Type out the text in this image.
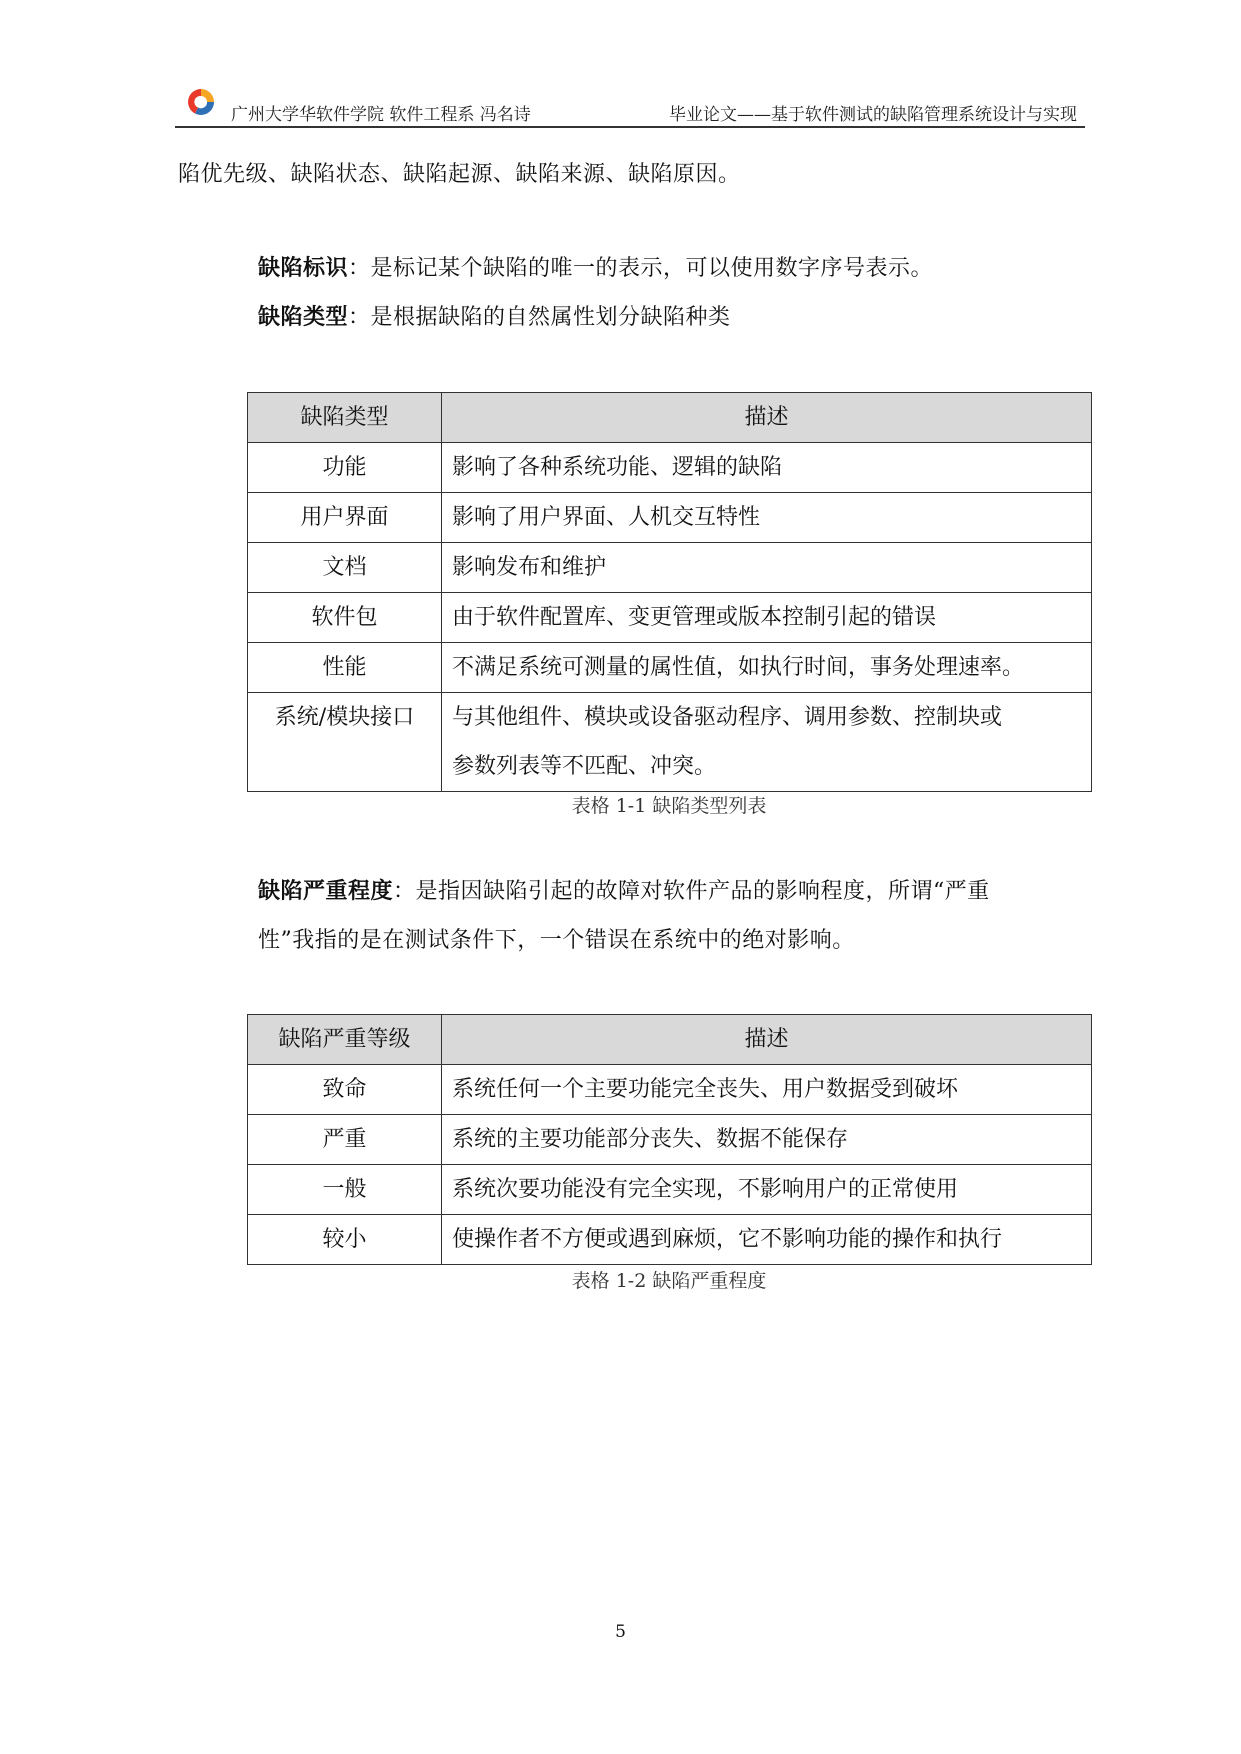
广州大学华软件学院 软件工程系 冯名诗	毕业论文——基于软件测试的缺陷管理系统设计与实现
陷优先级、缺陷状态、缺陷起源、缺陷来源、缺陷原因。
缺陷标识：是标记某个缺陷的唯一的表示，可以使用数字序号表示。
缺陷类型：是根据缺陷的自然属性划分缺陷种类
缺陷类型	描述
功能	影响了各种系统功能、逻辑的缺陷
用户界面	影响了用户界面、人机交互特性
文档	影响发布和维护
软件包	由于软件配置库、变更管理或版本控制引起的错误
性能	不满足系统可测量的属性值，如执行时间，事务处理速率。
系统/模块接口	与其他组件、模块或设备驱动程序、调用参数、控制块或
参数列表等不匹配、冲突。
表格 1-1 缺陷类型列表
缺陷严重程度：是指因缺陷引起的故障对软件产品的影响程度，所谓“严重
性”我指的是在测试条件下，一个错误在系统中的绝对影响。
缺陷严重等级	描述
致命	系统任何一个主要功能完全丧失、用户数据受到破坏
严重	系统的主要功能部分丧失、数据不能保存
一般	系统次要功能没有完全实现，不影响用户的正常使用
较小	使操作者不方便或遇到麻烦，它不影响功能的操作和执行
表格 1-2 缺陷严重程度
5
